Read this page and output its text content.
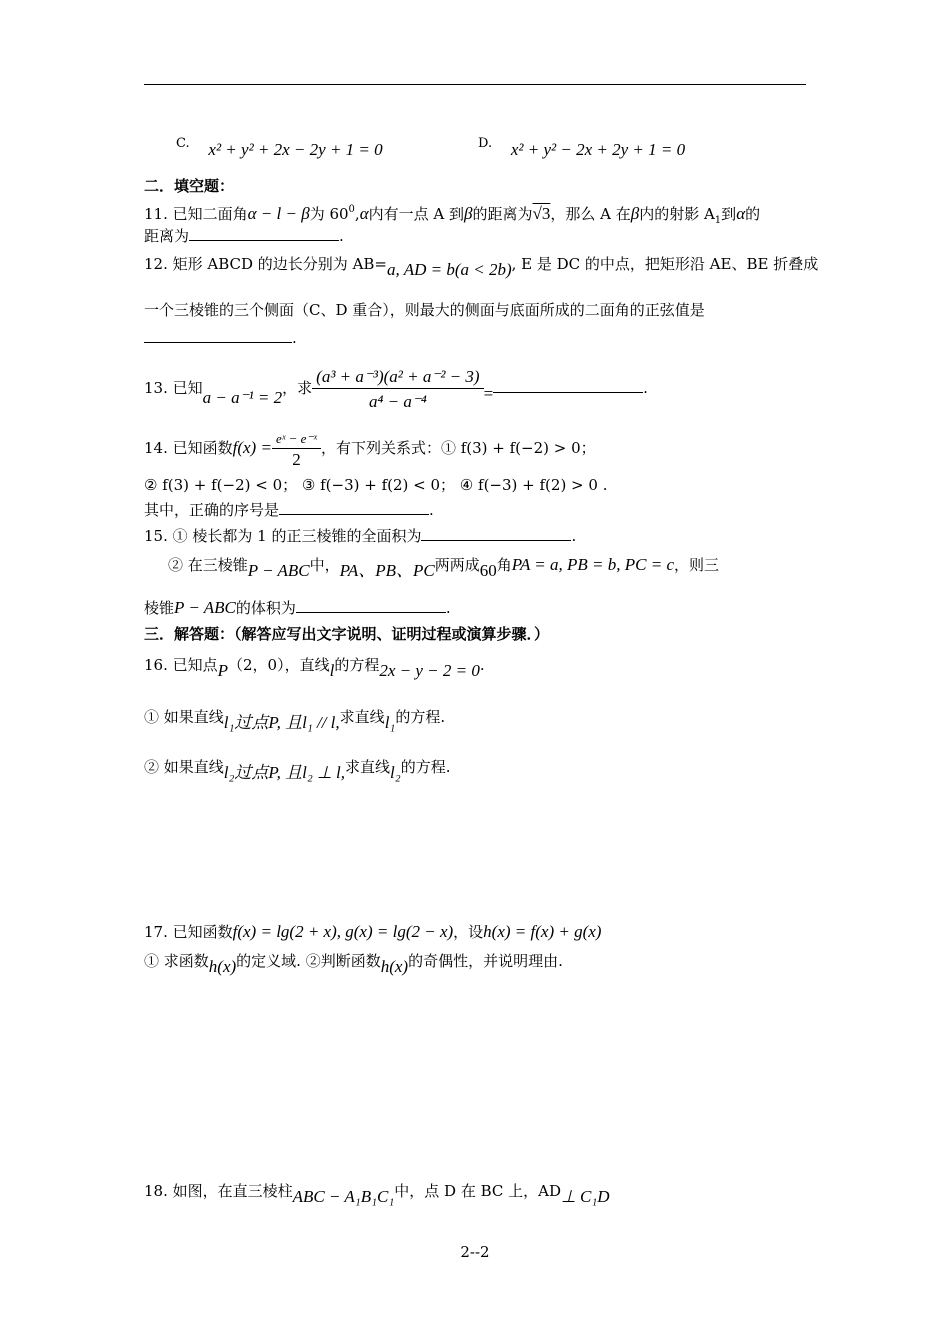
C. x² + y² + 2x − 2y + 1 = 0	D. x² + y² − 2x + 2y + 1 = 0
二．填空题：
11. 已知二面角α − l − β为 $60^0,\alpha$内有一点 A 到β的距离为√3，那么 A 在β内的射影 $A_1$到α的
距离为	.
12. 矩形 ABCD 的边长分别为 AB=a, AD = b(a < 2b), E 是 DC 的中点，把矩形沿 AE、BE 折叠成
一个三棱锥的三个侧面（C、D 重合），则最大的侧面与底面所成的二面角的正弦值是
.
13. 已知a − a⁻¹ = 2，求 $\frac{\text{(a³ + a⁻³)(a² + a⁻² − 3)}}{\text{a⁴ − a⁻⁴}}$ =	.
14. 已知函数$f(x) = \frac{\text{eˣ − e⁻ˣ}}{2}$ ，有下列关系式：① f(3) + f(−2) > 0；
② f(3) + f(−2) < 0； ③ f(−3) + f(2) < 0； ④ f(−3) + f(2) > 0 .
其中，正确的序号是	.
15. ① 棱长都为 1 的正三棱锥的全面积为	.
② 在三棱锥P − ABC中，PA、PB、PC两两成60角PA = a, PB = b, PC = c，则三
棱锥P − ABC的体积为	.
三．解答题：（解答应写出文字说明、证明过程或演算步骤．）
16. 已知点P（2，0），直线l的方程2x − y − 2 = 0.
① 如果直线l₁过点P, 且l₁ // l,求直线l₁的方程.
② 如果直线l₂过点P, 且l₂ ⊥ l,求直线l₂的方程.
17. 已知函数f(x) = lg(2 + x), g(x) = lg(2 − x)，设h(x) = f(x) + g(x)
① 求函数h(x)的定义域. ②判断函数h(x)的奇偶性，并说明理由.
18. 如图，在直三棱柱ABC − A₁B₁C₁中，点 D 在 BC 上，AD⊥ C₁D
2--2
